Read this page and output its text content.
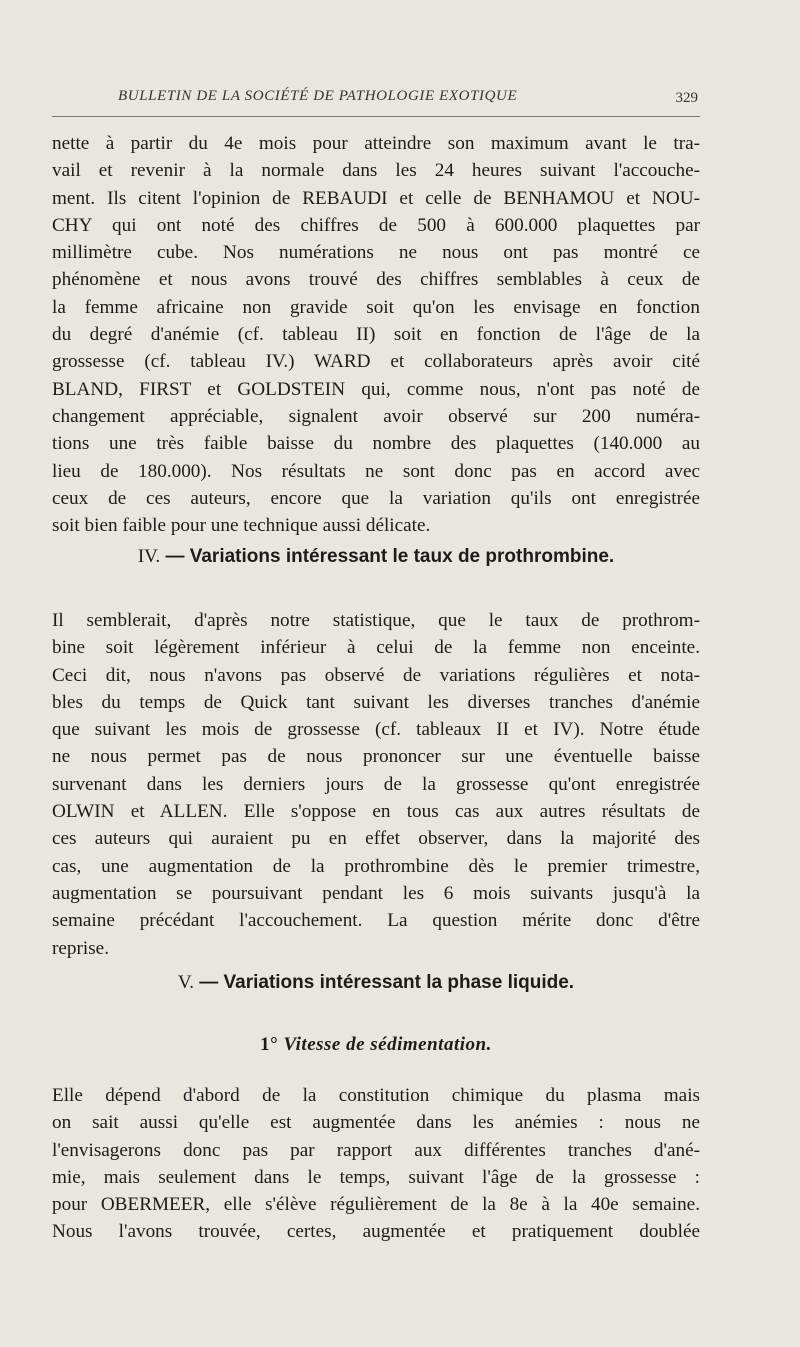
BULLETIN DE LA SOCIÉTÉ DE PATHOLOGIE EXOTIQUE	329

nette à partir du 4e mois pour atteindre son maximum avant le tra-
vail et revenir à la normale dans les 24 heures suivant l'accouche-
ment. Ils citent l'opinion de REBAUDI et celle de BENHAMOU et NOU-
CHY qui ont noté des chiffres de 500 à 600.000 plaquettes par
millimètre cube. Nos numérations ne nous ont pas montré ce
phénomène et nous avons trouvé des chiffres semblables à ceux de
la femme africaine non gravide soit qu'on les envisage en fonction
du degré d'anémie (cf. tableau II) soit en fonction de l'âge de la
grossesse (cf. tableau IV.) WARD et collaborateurs après avoir cité
BLAND, FIRST et GOLDSTEIN qui, comme nous, n'ont pas noté de
changement appréciable, signalent avoir observé sur 200 numéra-
tions une très faible baisse du nombre des plaquettes (140.000 au
lieu de 180.000). Nos résultats ne sont donc pas en accord avec
ceux de ces auteurs, encore que la variation qu'ils ont enregistrée
soit bien faible pour une technique aussi délicate.

IV. — Variations intéressant le taux de prothrombine.

Il semblerait, d'après notre statistique, que le taux de prothrom-
bine soit légèrement inférieur à celui de la femme non enceinte.
Ceci dit, nous n'avons pas observé de variations régulières et nota-
bles du temps de Quick tant suivant les diverses tranches d'anémie
que suivant les mois de grossesse (cf. tableaux II et IV). Notre étude
ne nous permet pas de nous prononcer sur une éventuelle baisse
survenant dans les derniers jours de la grossesse qu'ont enregistrée
OLWIN et ALLEN. Elle s'oppose en tous cas aux autres résultats de
ces auteurs qui auraient pu en effet observer, dans la majorité des
cas, une augmentation de la prothrombine dès le premier trimestre,
augmentation se poursuivant pendant les 6 mois suivants jusqu'à la
semaine précédant l'accouchement. La question mérite donc d'être
reprise.

V. — Variations intéressant la phase liquide.
1° Vitesse de sédimentation.

Elle dépend d'abord de la constitution chimique du plasma mais
on sait aussi qu'elle est augmentée dans les anémies : nous ne
l'envisagerons donc pas par rapport aux différentes tranches d'ané-
mie, mais seulement dans le temps, suivant l'âge de la grossesse :
pour OBERMEER, elle s'élève régulièrement de la 8e à la 40e semaine.
Nous l'avons trouvée, certes, augmentée et pratiquement doublée
